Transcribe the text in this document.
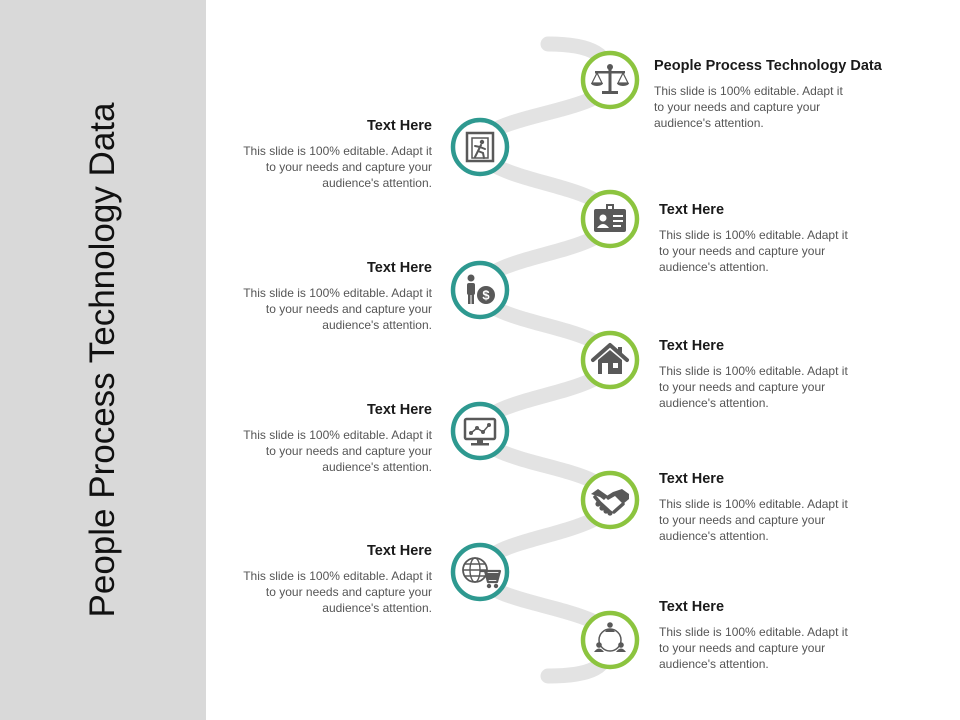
People Process Technology Data	$
People Process Technology Data
This slide is 100% editable. Adapt it to your needs and capture your audience's attention.
Text Here
This slide is 100% editable. Adapt it to your needs and capture your audience's attention.
Text Here
This slide is 100% editable. Adapt it to your needs and capture your audience's attention.
Text Here
This slide is 100% editable. Adapt it to your needs and capture your audience's attention.
Text Here
This slide is 100% editable. Adapt it to your needs and capture your audience's attention.
Text Here
This slide is 100% editable. Adapt it to your needs and capture your audience's attention.
Text Here
This slide is 100% editable. Adapt it to your needs and capture your audience's attention.
Text Here
This slide is 100% editable. Adapt it to your needs and capture your audience's attention.	Text Here
This slide is 100% editable. Adapt it to your needs and capture your audience's attention.
